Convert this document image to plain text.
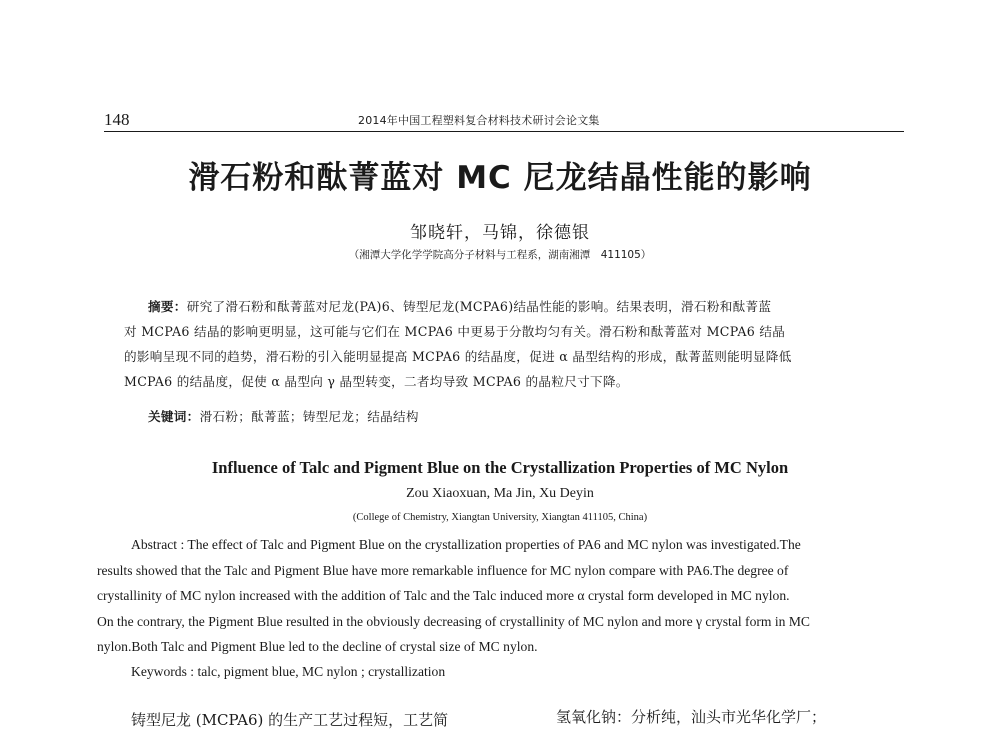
148	2014年中国工程塑料复合材料技术研讨会论文集
滑石粉和酞菁蓝对 MC 尼龙结晶性能的影响
邹晓轩，马锦，徐德银
（湘潭大学化学学院高分子材料与工程系，湖南湘潭　411105）
摘要：研究了滑石粉和酞菁蓝对尼龙(PA)6、铸型尼龙(MCPA6)结晶性能的影响。结果表明，滑石粉和酞菁蓝
对 MCPA6 结晶的影响更明显，这可能与它们在 MCPA6 中更易于分散均匀有关。滑石粉和酞菁蓝对 MCPA6 结晶
的影响呈现不同的趋势，滑石粉的引入能明显提高 MCPA6 的结晶度，促进 α 晶型结构的形成，酞菁蓝则能明显降低
MCPA6 的结晶度，促使 α 晶型向 γ 晶型转变，二者均导致 MCPA6 的晶粒尺寸下降。
关键词：滑石粉；酞菁蓝；铸型尼龙；结晶结构
Influence of Talc and Pigment Blue on the Crystallization Properties of MC Nylon
Zou Xiaoxuan, Ma Jin, Xu Deyin
(College of Chemistry, Xiangtan University, Xiangtan 411105, China)
Abstract : The effect of Talc and Pigment Blue on the crystallization properties of PA6 and MC nylon was investigated.The
results showed that the Talc and Pigment Blue have more remarkable influence for MC nylon compare with PA6.The degree of
crystallinity of MC nylon increased with the addition of Talc and the Talc induced more α crystal form developed in MC nylon.
On the contrary, the Pigment Blue resulted in the obviously decreasing of crystallinity of MC nylon and more γ crystal form in MC
nylon.Both Talc and Pigment Blue led to the decline of crystal size of MC nylon.
Keywords : talc, pigment blue, MC nylon ; crystallization
铸型尼龙 (MCPA6) 的生产工艺过程短，工艺简	氢氧化钠：分析纯，汕头市光华化学厂；
